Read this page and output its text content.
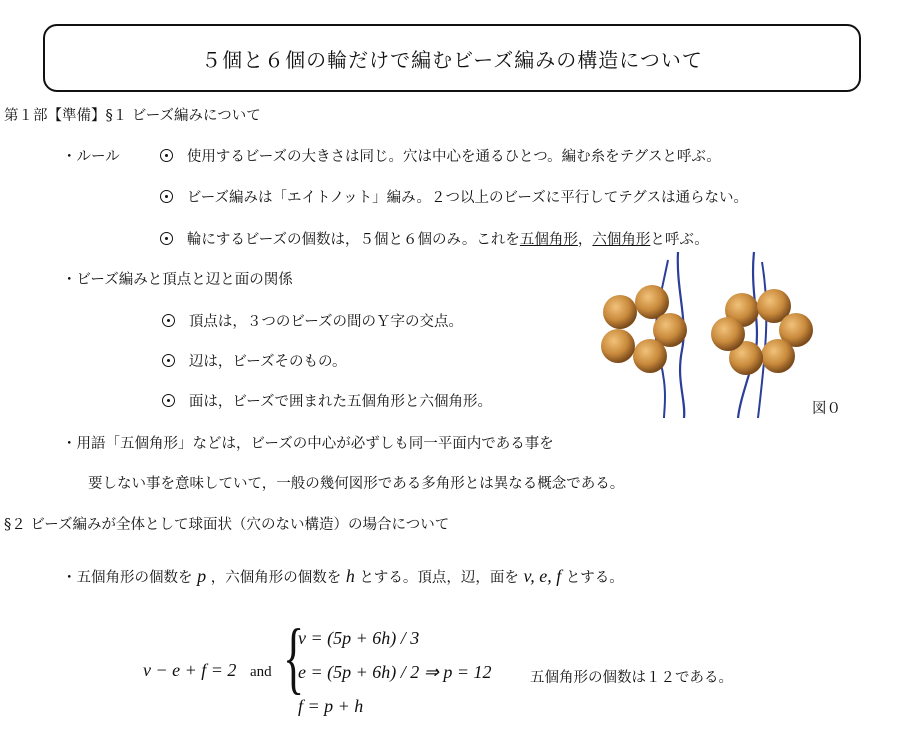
５個と６個の輪だけで編むビーズ編みの構造について
第１部【準備】§１ ビーズ編みについて
・ルール	使用するビーズの大きさは同じ。穴は中心を通るひとつ。編む糸をテグスと呼ぶ。
ビーズ編みは「エイトノット」編み。２つ以上のビーズに平行してテグスは通らない。
輪にするビーズの個数は，５個と６個のみ。これを五個角形，六個角形と呼ぶ。
・ビーズ編みと頂点と辺と面の関係
頂点は，３つのビーズの間のＹ字の交点。
辺は，ビーズそのもの。
面は，ビーズで囲まれた五個角形と六個角形。	図０
・用語「五個角形」などは，ビーズの中心が必ずしも同一平面内である事を
要しない事を意味していて，一般の幾何図形である多角形とは異なる概念である。
§２ ビーズ編みが全体として球面状（穴のない構造）の場合について
・五個角形の個数を p ，六個角形の個数を h とする。頂点，辺，面を v, e, f とする。
v − e + f = 2 and {
v = (5p + 6h) / 3
e = (5p + 6h) / 2 ⇒ p = 12
f = p + h
五個角形の個数は１２である。
